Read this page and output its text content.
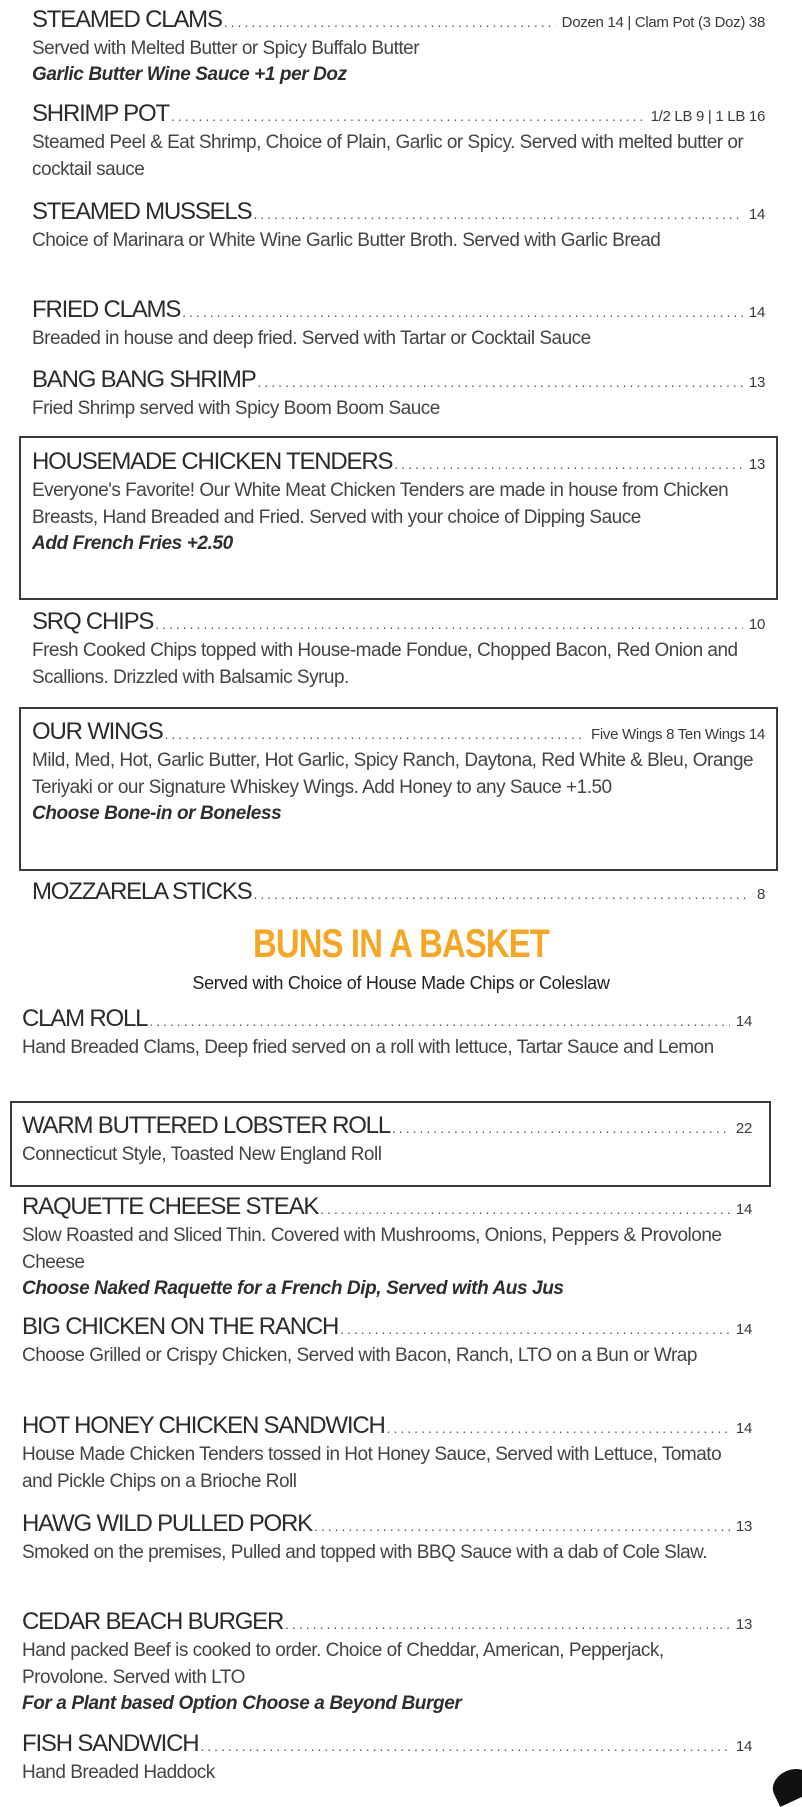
STEAMED CLAMS .....	Dozen 14 | Clam Pot (3 Doz) 38
Served with Melted Butter or Spicy Buffalo Butter
Garlic Butter Wine Sauce +1 per Doz
SHRIMP POT .....	1/2 LB 9 | 1 LB 16
Steamed Peel & Eat Shrimp, Choice of Plain, Garlic or Spicy. Served with melted butter or cocktail sauce
STEAMED MUSSELS .....	14
Choice of Marinara or White Wine Garlic Butter Broth. Served with Garlic Bread
FRIED CLAMS .....	14
Breaded in house and deep fried. Served with Tartar or Cocktail Sauce
BANG BANG SHRIMP .....	13
Fried Shrimp served with Spicy Boom Boom Sauce
HOUSEMADE CHICKEN TENDERS .....	13
Everyone's Favorite! Our White Meat Chicken Tenders are made in house from Chicken Breasts, Hand Breaded and Fried. Served with your choice of Dipping Sauce
Add French Fries +2.50
SRQ CHIPS .....	10
Fresh Cooked Chips topped with House-made Fondue, Chopped Bacon, Red Onion and Scallions. Drizzled with Balsamic Syrup.
OUR WINGS .....	Five Wings 8 Ten Wings 14
Mild, Med, Hot, Garlic Butter, Hot Garlic, Spicy Ranch, Daytona, Red White & Bleu, Orange Teriyaki or our Signature Whiskey Wings. Add Honey to any Sauce +1.50
Choose Bone-in or Boneless
MOZZARELA STICKS .....	8
BUNS IN A BASKET
Served with Choice of House Made Chips or Coleslaw
CLAM ROLL .....	14
Hand Breaded Clams, Deep fried served on a roll with lettuce, Tartar Sauce and Lemon
WARM BUTTERED LOBSTER ROLL .....	22
Connecticut Style, Toasted New England Roll
RAQUETTE CHEESE STEAK .....	14
Slow Roasted and Sliced Thin. Covered with Mushrooms, Onions, Peppers & Provolone Cheese
Choose Naked Raquette for a French Dip, Served with Aus Jus
BIG CHICKEN ON THE RANCH .....	14
Choose Grilled or Crispy Chicken, Served with Bacon, Ranch, LTO on a Bun or Wrap
HOT HONEY CHICKEN SANDWICH .....	14
House Made Chicken Tenders tossed in Hot Honey Sauce, Served with Lettuce, Tomato and Pickle Chips on a Brioche Roll
HAWG WILD PULLED PORK .....	13
Smoked on the premises, Pulled and topped with BBQ Sauce with a dab of Cole Slaw.
CEDAR BEACH BURGER .....	13
Hand packed Beef is cooked to order. Choice of Cheddar, American, Pepperjack, Provolone. Served with LTO
For a Plant based Option Choose a Beyond Burger
FISH SANDWICH .....	14
Hand Breaded Haddock
